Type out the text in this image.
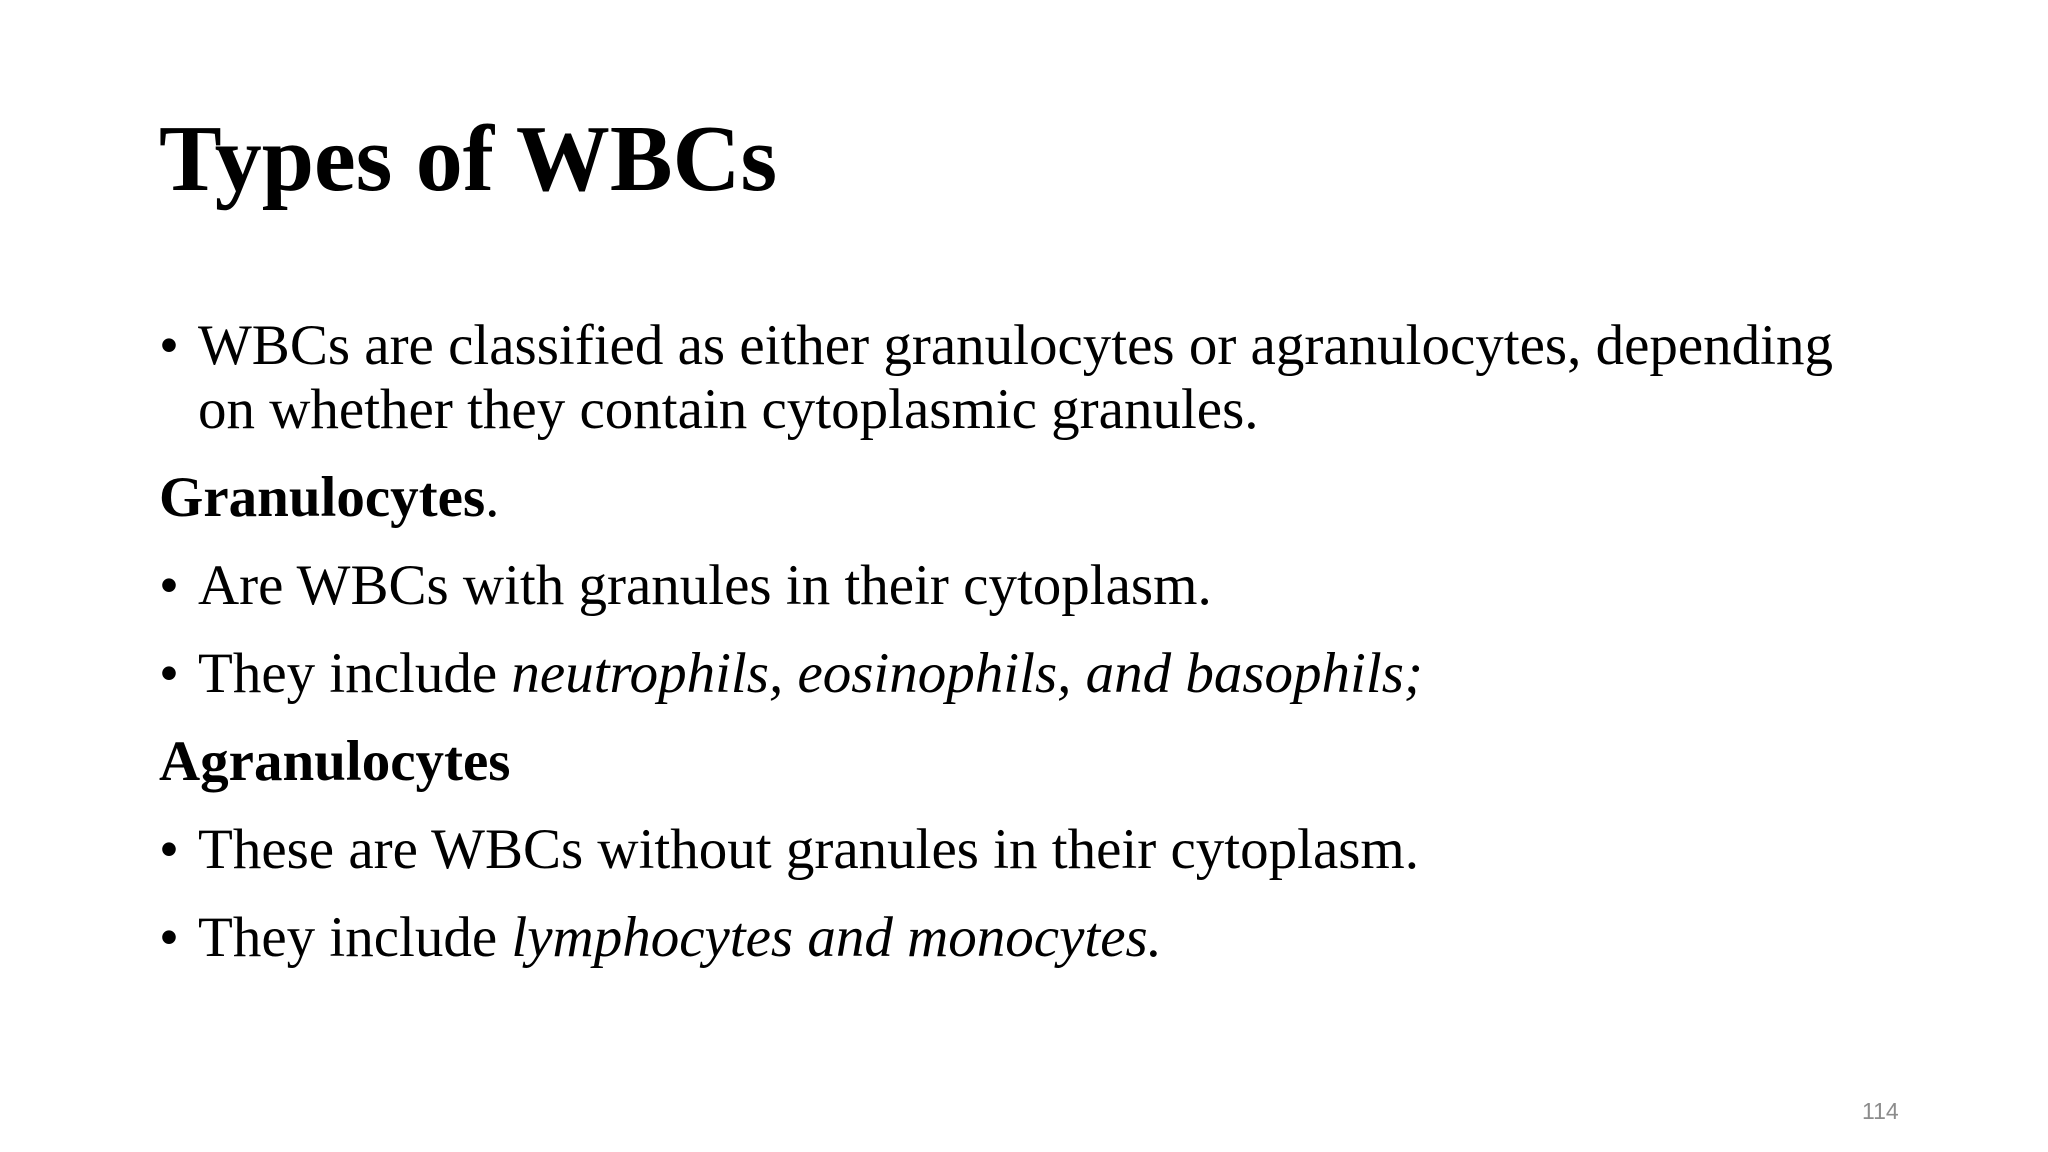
Types of WBCs
• WBCs are classified as either granulocytes or agranulocytes, depending on whether they contain cytoplasmic granules.
Granulocytes.
• Are WBCs with granules in their cytoplasm.
• They include neutrophils, eosinophils, and basophils;
Agranulocytes
• These are WBCs without granules in their cytoplasm.
• They include lymphocytes and monocytes.
114
